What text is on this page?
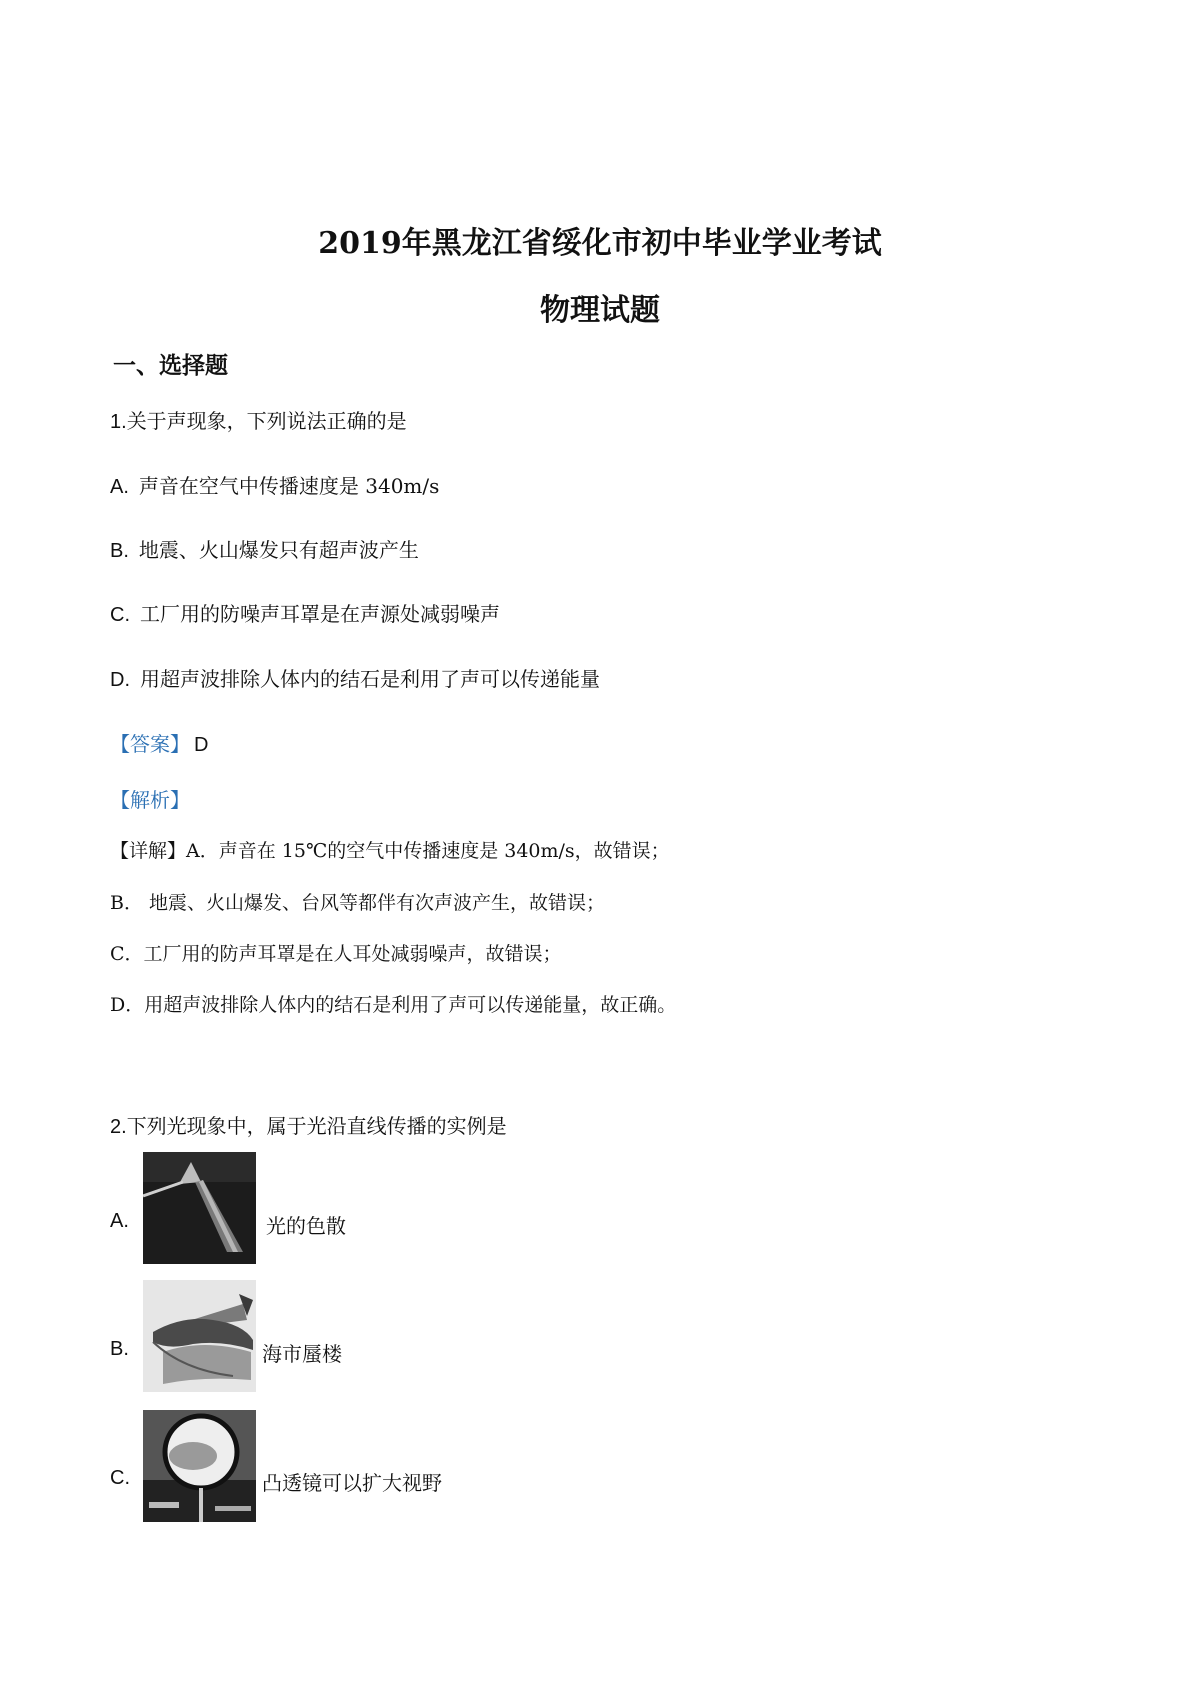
2019年黑龙江省绥化市初中毕业学业考试
物理试题
一、选择题
1.关于声现象，下列说法正确的是
A. 声音在空气中传播速度是 340m/s
B. 地震、火山爆发只有超声波产生
C. 工厂用的防噪声耳罩是在声源处减弱噪声
D. 用超声波排除人体内的结石是利用了声可以传递能量
【答案】 D
【解析】
【详解】A．声音在 15℃的空气中传播速度是 340m/s，故错误；
B． 地震、火山爆发、台风等都伴有次声波产生，故错误；
C．工厂用的防声耳罩是在人耳处减弱噪声，故错误；
D．用超声波排除人体内的结石是利用了声可以传递能量，故正确。
2.下列光现象中，属于光沿直线传播的实例是
A.	光的色散
B.	海市蜃楼
C.	凸透镜可以扩大视野
